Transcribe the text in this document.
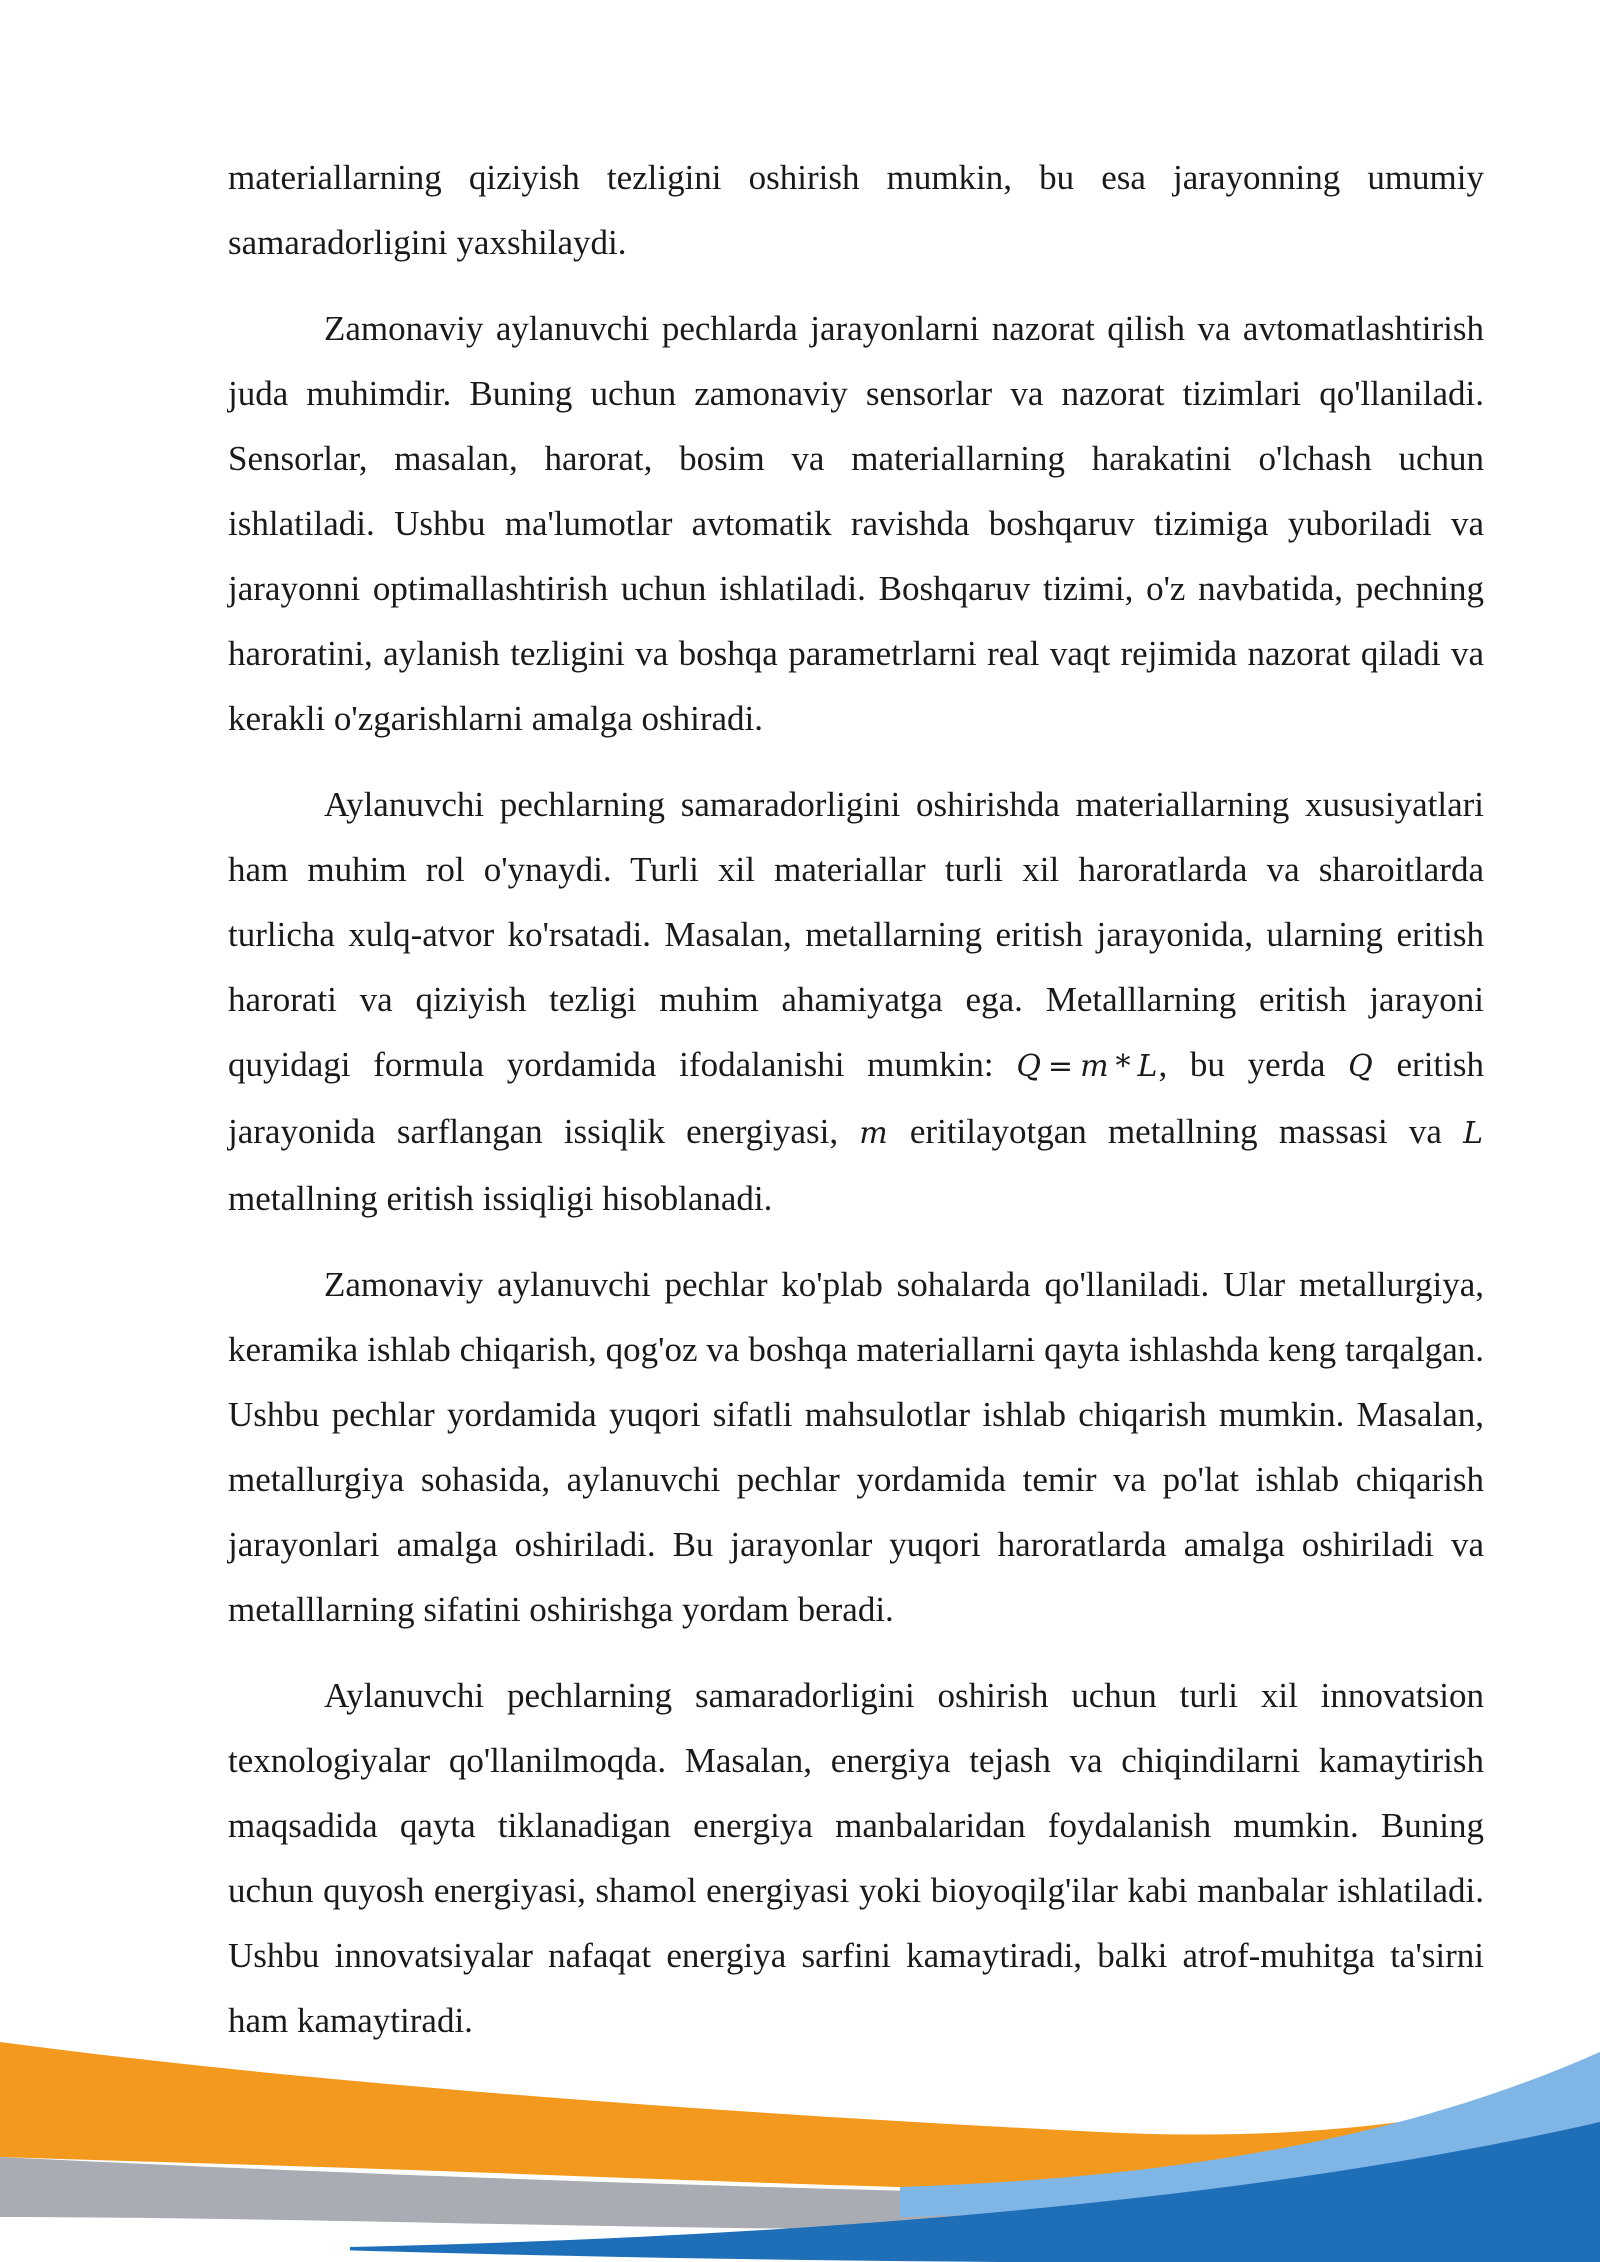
materiallarning qiziyish tezligini oshirish mumkin, bu esa jarayonning umumiy samaradorligini yaxshilaydi.

Zamonaviy aylanuvchi pechlarda jarayonlarni nazorat qilish va avtomatlashtirish juda muhimdir. Buning uchun zamonaviy sensorlar va nazorat tizimlari qo'llaniladi. Sensorlar, masalan, harorat, bosim va materiallarning harakatini o'lchash uchun ishlatiladi. Ushbu ma'lumotlar avtomatik ravishda boshqaruv tizimiga yuboriladi va jarayonni optimallashtirish uchun ishlatiladi. Boshqaruv tizimi, o'z navbatida, pechning haroratini, aylanish tezligini va boshqa parametrlarni real vaqt rejimida nazorat qiladi va kerakli o'zgarishlarni amalga oshiradi.

Aylanuvchi pechlarning samaradorligini oshirishda materiallarning xususiyatlari ham muhim rol o'ynaydi. Turli xil materiallar turli xil haroratlarda va sharoitlarda turlicha xulq-atvor ko'rsatadi. Masalan, metallarning eritish jarayonida, ularning eritish harorati va qiziyish tezligi muhim ahamiyatga ega. Metalllarning eritish jarayoni quyidagi formula yordamida ifodalanishi mumkin: Q = m * L, bu yerda Q eritish jarayonida sarflangan issiqlik energiyasi, m eritilayotgan metallning massasi va L metallning eritish issiqligi hisoblanadi.

Zamonaviy aylanuvchi pechlar ko'plab sohalarda qo'llaniladi. Ular metallurgiya, keramika ishlab chiqarish, qog'oz va boshqa materiallarni qayta ishlashda keng tarqalgan. Ushbu pechlar yordamida yuqori sifatli mahsulotlar ishlab chiqarish mumkin. Masalan, metallurgiya sohasida, aylanuvchi pechlar yordamida temir va po'lat ishlab chiqarish jarayonlari amalga oshiriladi. Bu jarayonlar yuqori haroratlarda amalga oshiriladi va metalllarning sifatini oshirishga yordam beradi.

Aylanuvchi pechlarning samaradorligini oshirish uchun turli xil innovatsion texnologiyalar qo'llanilmoqda. Masalan, energiya tejash va chiqindilarni kamaytirish maqsadida qayta tiklanadigan energiya manbalaridan foydalanish mumkin. Buning uchun quyosh energiyasi, shamol energiyasi yoki bioyoqilg'ilar kabi manbalar ishlatiladi. Ushbu innovatsiyalar nafaqat energiya sarfini kamaytiradi, balki atrof-muhitga ta'sirni ham kamaytiradi.
